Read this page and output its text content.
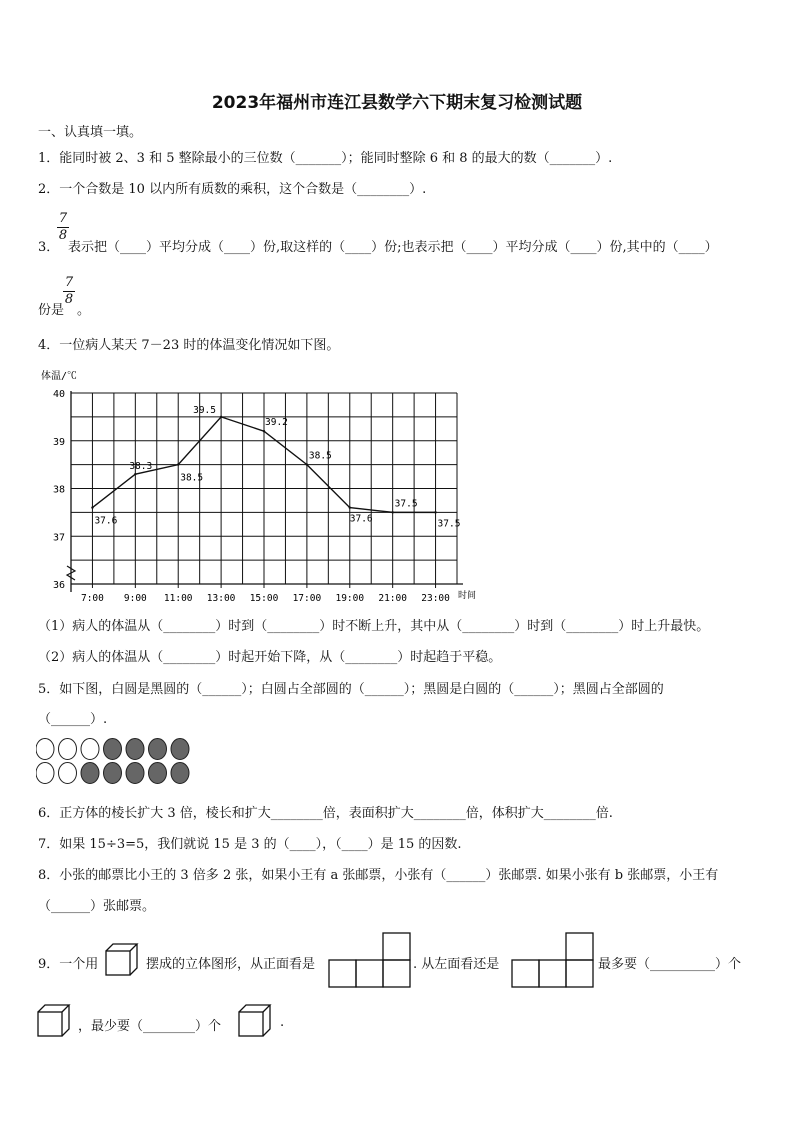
2023年福州市连江县数学六下期末复习检测试题
一、认真填一填。
1．能同时被 2、3 和 5 整除最小的三位数（_______）；能同时整除 6 和 8 的最大的数（_______）.
2．一个合数是 10 以内所有质数的乘积，这个合数是（________）.
3．
7
8
表示把（____）平均分成（____）份,取这样的（____）份;也表示把（____）平均分成（____）份,其中的（____）
份是
7
8
。
4．一位病人某天 7－23 时的体温变化情况如下图。
体温/℃
时间
40
39
38
37
36
7:00 9:00 11:00 13:00 15:00 17:00 19:00 21:00 23:00
37.6
38.3
38.5
39.5
39.2
38.5
37.6
37.5
37.5
（1）病人的体温从（________）时到（________）时不断上升，其中从（________）时到（________）时上升最快。
（2）病人的体温从（________）时起开始下降，从（________）时起趋于平稳。
5．如下图，白圆是黑圆的（______）；白圆占全部圆的（______）；黑圆是白圆的（______）；黑圆占全部圆的
（______）.
6．正方体的棱长扩大 3 倍，棱长和扩大________倍，表面积扩大________倍，体积扩大________倍.
7．如果 15÷3=5，我们就说 15 是 3 的（____），（____）是 15 的因数.
8．小张的邮票比小王的 3 倍多 2 张，如果小王有 a 张邮票，小张有（______）张邮票. 如果小张有 b 张邮票，小王有
（______）张邮票。
9．一个用	摆成的立体图形，从正面看是	. 从左面看还是	最多要（__________）个
，最少要（________）个	.
